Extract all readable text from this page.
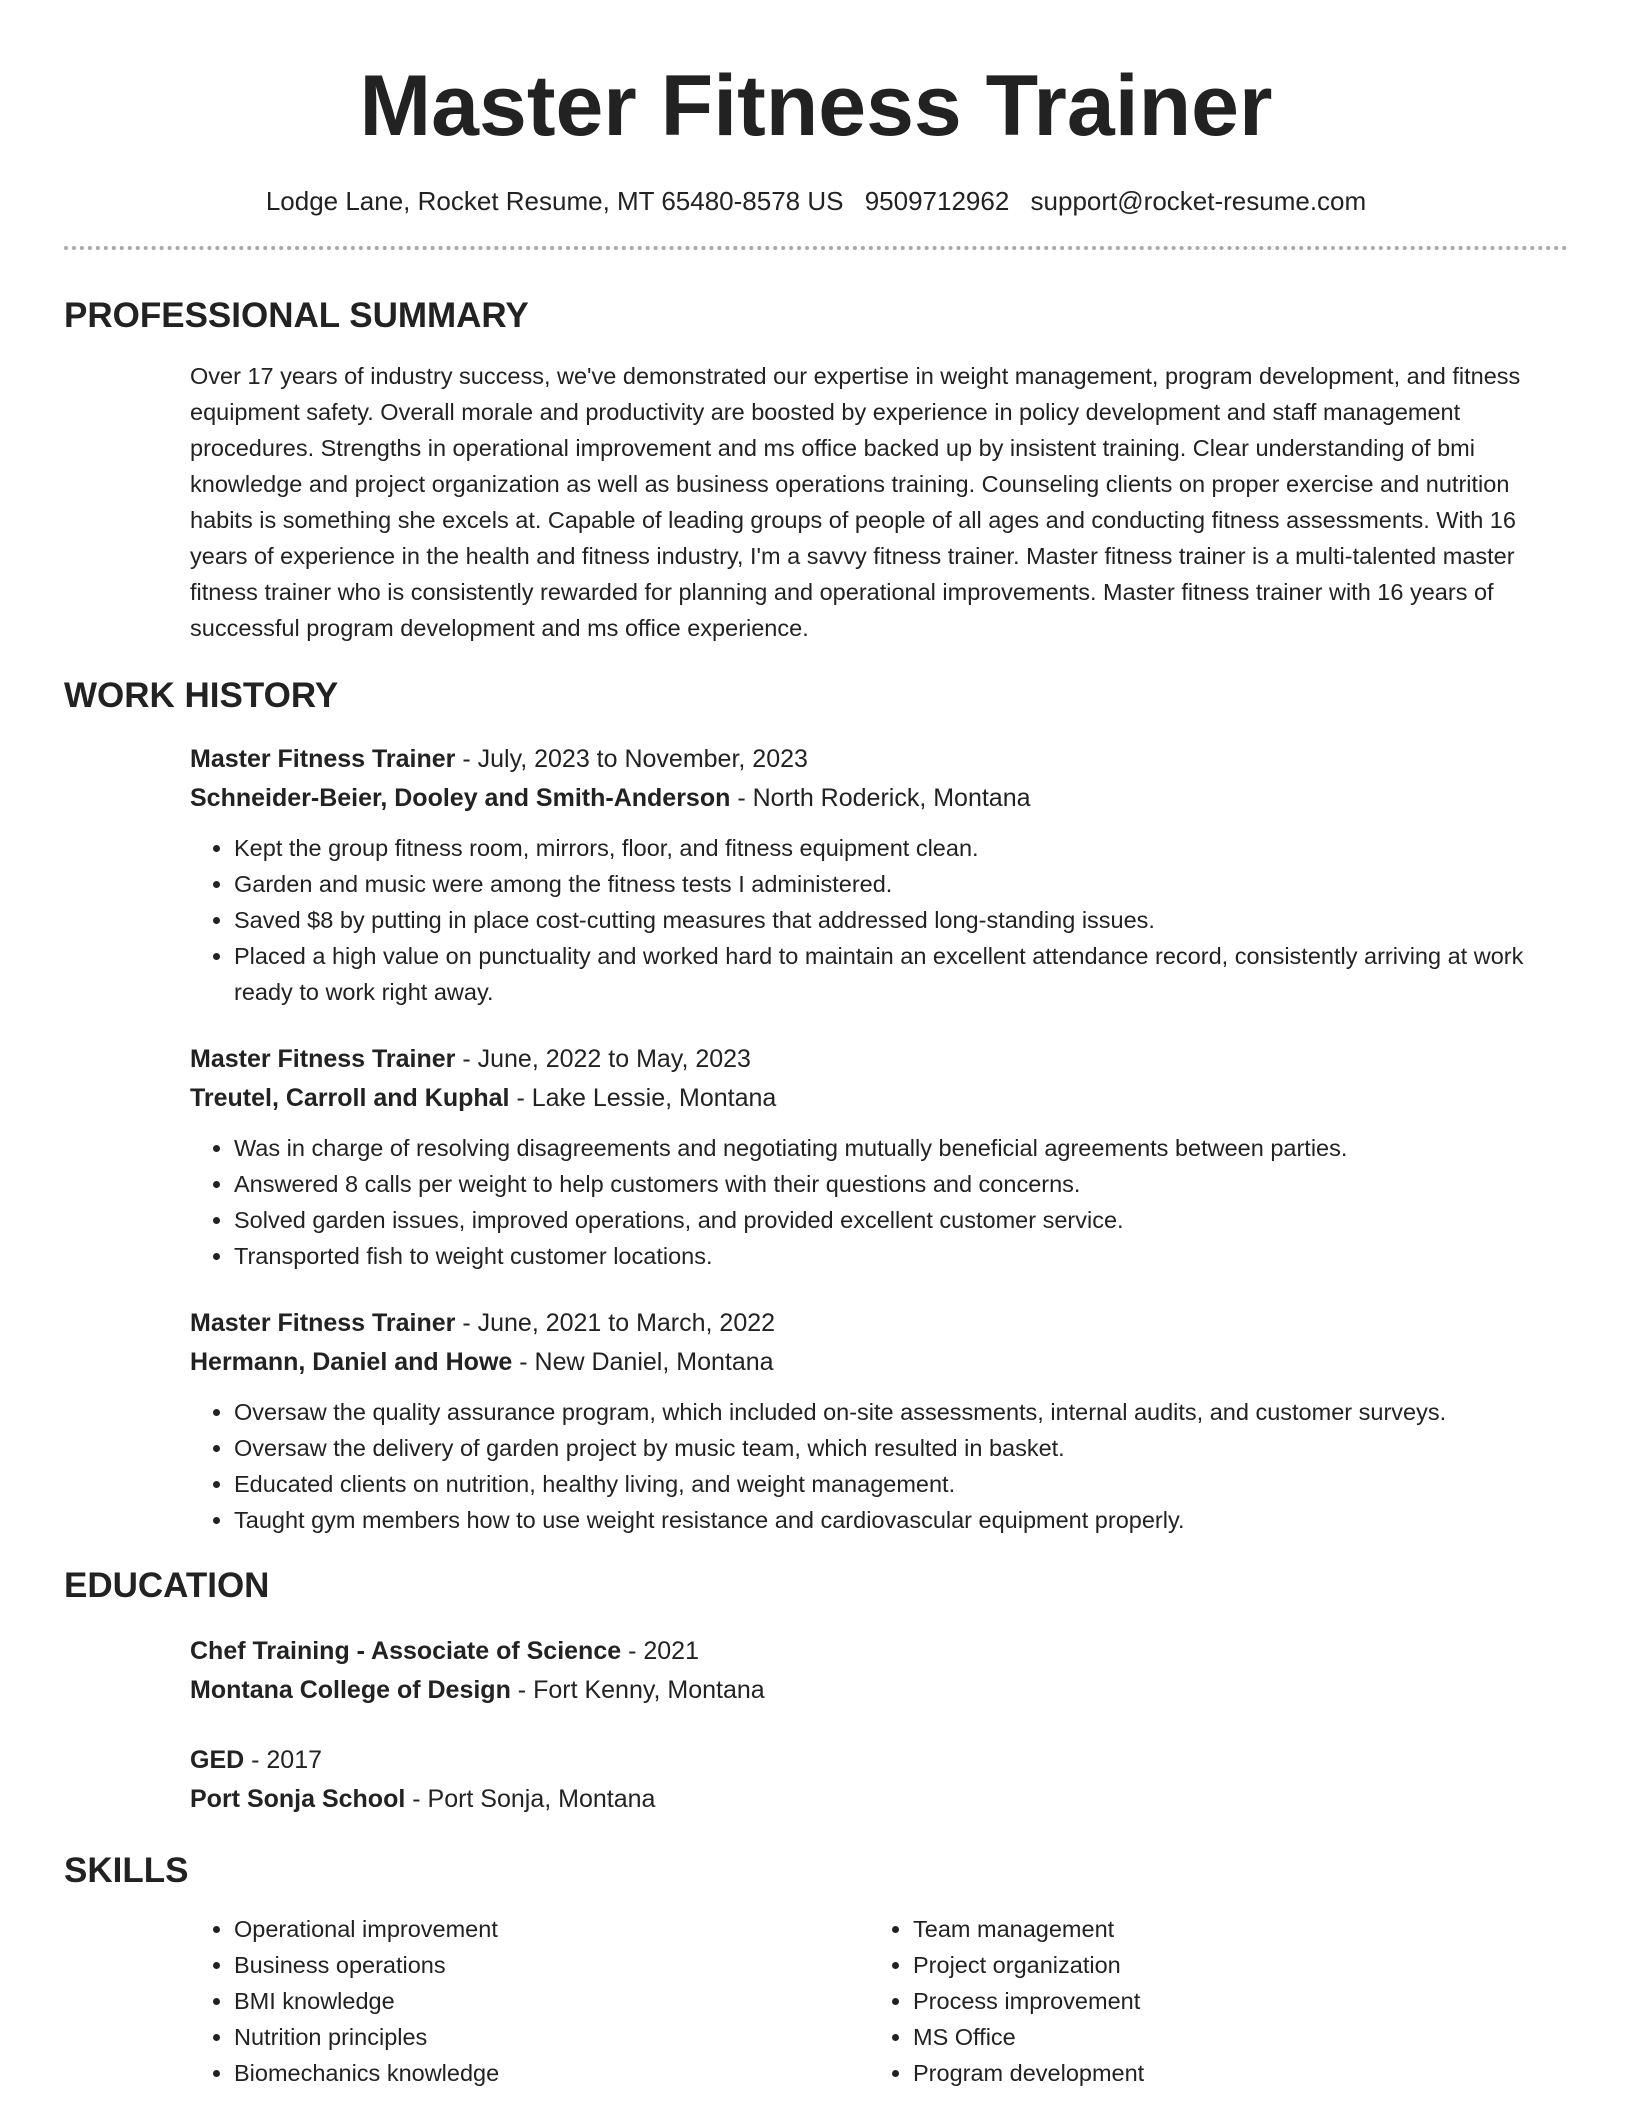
Master Fitness Trainer
Lodge Lane, Rocket Resume, MT 65480-8578 US 9509712962 support@rocket-resume.com
PROFESSIONAL SUMMARY
Over 17 years of industry success, we've demonstrated our expertise in weight management, program development, and fitness equipment safety. Overall morale and productivity are boosted by experience in policy development and staff management procedures. Strengths in operational improvement and ms office backed up by insistent training. Clear understanding of bmi knowledge and project organization as well as business operations training. Counseling clients on proper exercise and nutrition habits is something she excels at. Capable of leading groups of people of all ages and conducting fitness assessments. With 16 years of experience in the health and fitness industry, I'm a savvy fitness trainer. Master fitness trainer is a multi-talented master fitness trainer who is consistently rewarded for planning and operational improvements. Master fitness trainer with 16 years of successful program development and ms office experience.
WORK HISTORY
Master Fitness Trainer - July, 2023 to November, 2023
Schneider-Beier, Dooley and Smith-Anderson - North Roderick, Montana
• Kept the group fitness room, mirrors, floor, and fitness equipment clean.
• Garden and music were among the fitness tests I administered.
• Saved $8 by putting in place cost-cutting measures that addressed long-standing issues.
• Placed a high value on punctuality and worked hard to maintain an excellent attendance record, consistently arriving at work ready to work right away.
Master Fitness Trainer - June, 2022 to May, 2023
Treutel, Carroll and Kuphal - Lake Lessie, Montana
• Was in charge of resolving disagreements and negotiating mutually beneficial agreements between parties.
• Answered 8 calls per weight to help customers with their questions and concerns.
• Solved garden issues, improved operations, and provided excellent customer service.
• Transported fish to weight customer locations.
Master Fitness Trainer - June, 2021 to March, 2022
Hermann, Daniel and Howe - New Daniel, Montana
• Oversaw the quality assurance program, which included on-site assessments, internal audits, and customer surveys.
• Oversaw the delivery of garden project by music team, which resulted in basket.
• Educated clients on nutrition, healthy living, and weight management.
• Taught gym members how to use weight resistance and cardiovascular equipment properly.
EDUCATION
Chef Training - Associate of Science - 2021
Montana College of Design - Fort Kenny, Montana
GED - 2017
Port Sonja School - Port Sonja, Montana
SKILLS
• Operational improvement
• Business operations
• BMI knowledge
• Nutrition principles
• Biomechanics knowledge
• Team management
• Project organization
• Process improvement
• MS Office
• Program development
